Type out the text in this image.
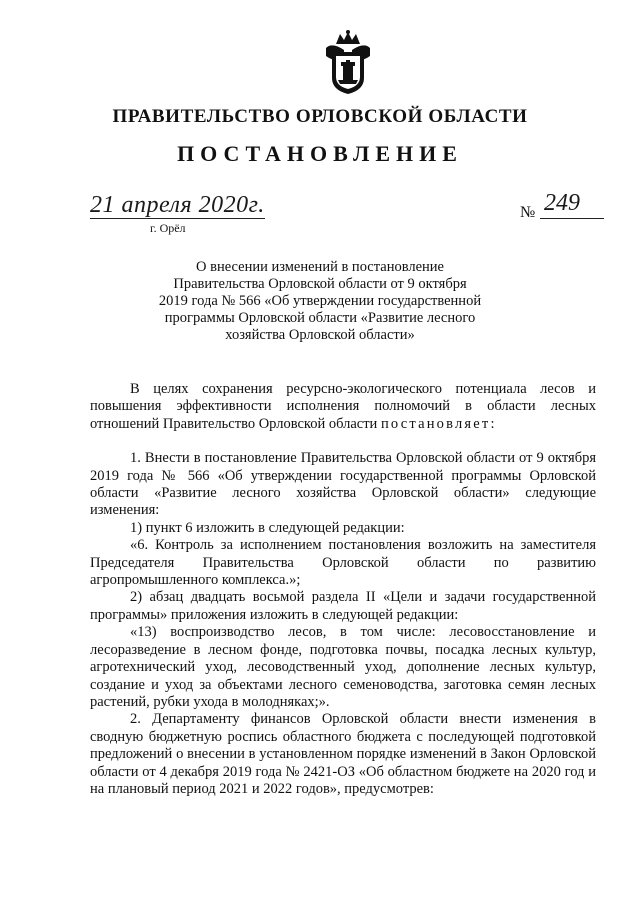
ПРАВИТЕЛЬСТВО ОРЛОВСКОЙ ОБЛАСТИ
ПОСТАНОВЛЕНИЕ
21 апреля 2020г.
г. Орёл
№ 249
О внесении изменений в постановление
Правительства Орловской области от 9 октября
2019 года № 566 «Об утверждении государственной
программы Орловской области «Развитие лесного
хозяйства Орловской области»

В целях сохранения ресурсно-экологического потенциала лесов и повышения эффективности исполнения полномочий в области лесных отношений Правительство Орловской области постановляет:

1. Внести в постановление Правительства Орловской области от 9 октября 2019 года № 566 «Об утверждении государственной программы Орловской области «Развитие лесного хозяйства Орловской области» следующие изменения:

1) пункт 6 изложить в следующей редакции:

«6. Контроль за исполнением постановления возложить на заместителя Председателя Правительства Орловской области по развитию агропромышленного комплекса.»;

2) абзац двадцать восьмой раздела II «Цели и задачи государственной программы» приложения изложить в следующей редакции:

«13) воспроизводство лесов, в том числе: лесовосстановление и лесоразведение в лесном фонде, подготовка почвы, посадка лесных культур, агротехнический уход, лесоводственный уход, дополнение лесных культур, создание и уход за объектами лесного семеноводства, заготовка семян лесных растений, рубки ухода в молодняках;».

2. Департаменту финансов Орловской области внести изменения в сводную бюджетную роспись областного бюджета с последующей подготовкой предложений о внесении в установленном порядке изменений в Закон Орловской области от 4 декабря 2019 года № 2421-ОЗ «Об областном бюджете на 2020 год и на плановый период 2021 и 2022 годов», предусмотрев:
